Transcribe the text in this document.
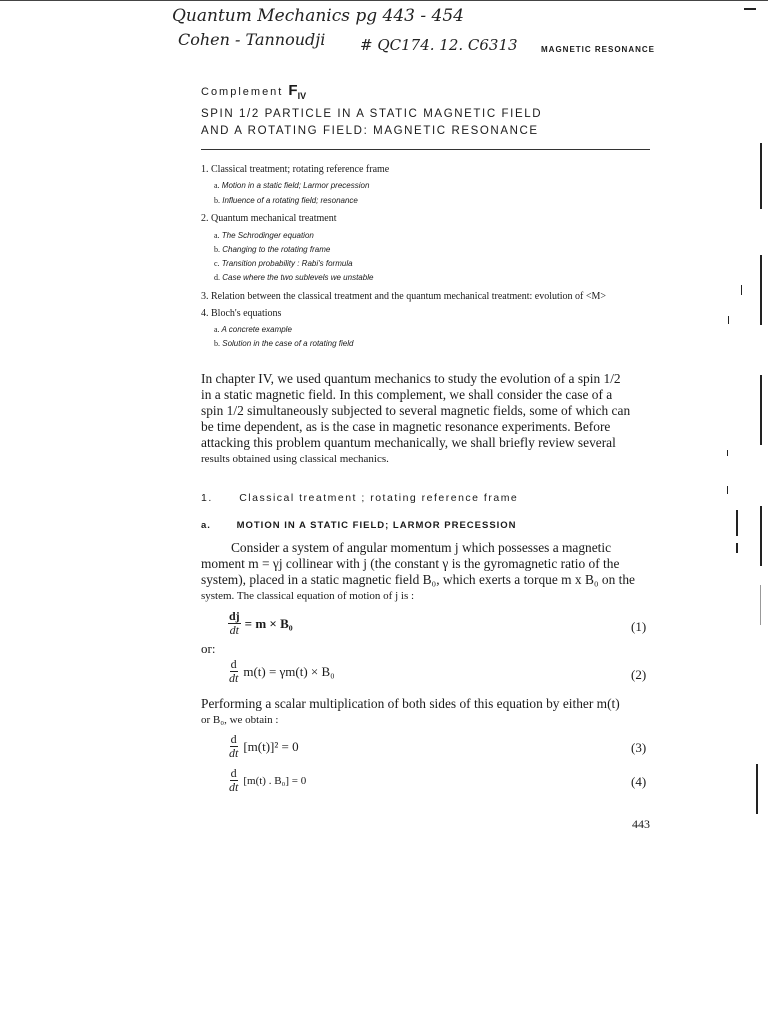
Quantum Mechanics pg 443 - 454
Cohen - Tannoudji # QC174. 12. C6313	MAGNETIC RESONANCE
Complement $F_{IV}$
SPIN 1/2 PARTICLE IN A STATIC MAGNETIC FIELD
AND A ROTATING FIELD: MAGNETIC RESONANCE
1. Classical treatment; rotating reference frame
a. Motion in a static field; Larmor precession
b. Influence of a rotating field; resonance
2. Quantum mechanical treatment
a. The Schrodinger equation
b. Changing to the rotating frame
c. Transition probability : Rabi's formula
d. Case where the two sublevels we unstable
3. Relation between the classical treatment and the quantum mechanical treatment: evolution of <M>
4. Bloch's equations
a. A concrete example
b. Solution in the case of a rotating field

In chapter IV, we used quantum mechanics to study the evolution of a spin 1/2

in a static magnetic field. In this complement, we shall consider the case of a

spin 1/2 simultaneously subjected to several magnetic fields, some of which can

be time dependent, as is the case in magnetic resonance experiments. Before

attacking this problem quantum mechanically, we shall briefly review several

results obtained using classical mechanics.

1.	Classical treatment ; rotating reference frame
a.	MOTION IN A STATIC FIELD; LARMOR PRECESSION

Consider a system of angular momentum j which possesses a magnetic

moment m = γj collinear with j (the constant γ is the gyromagnetic ratio of the

system), placed in a static magnetic field B₀, which exerts a torque m x B₀ on the

system. The classical equation of motion of j is :

$\frac{dj}{dt} = m \times B_0$	(1)
or:
$\frac{d}{dt} m(t) = \gamma m(t) \times B_0$	(2)

Performing a scalar multiplication of both sides of this equation by either m(t)

or B₀, we obtain :

$\frac{d}{dt} [m(t)]^2 = 0$	(3)
$\frac{d}{dt} [m(t)$ . B₀] = 0	(4)
443
